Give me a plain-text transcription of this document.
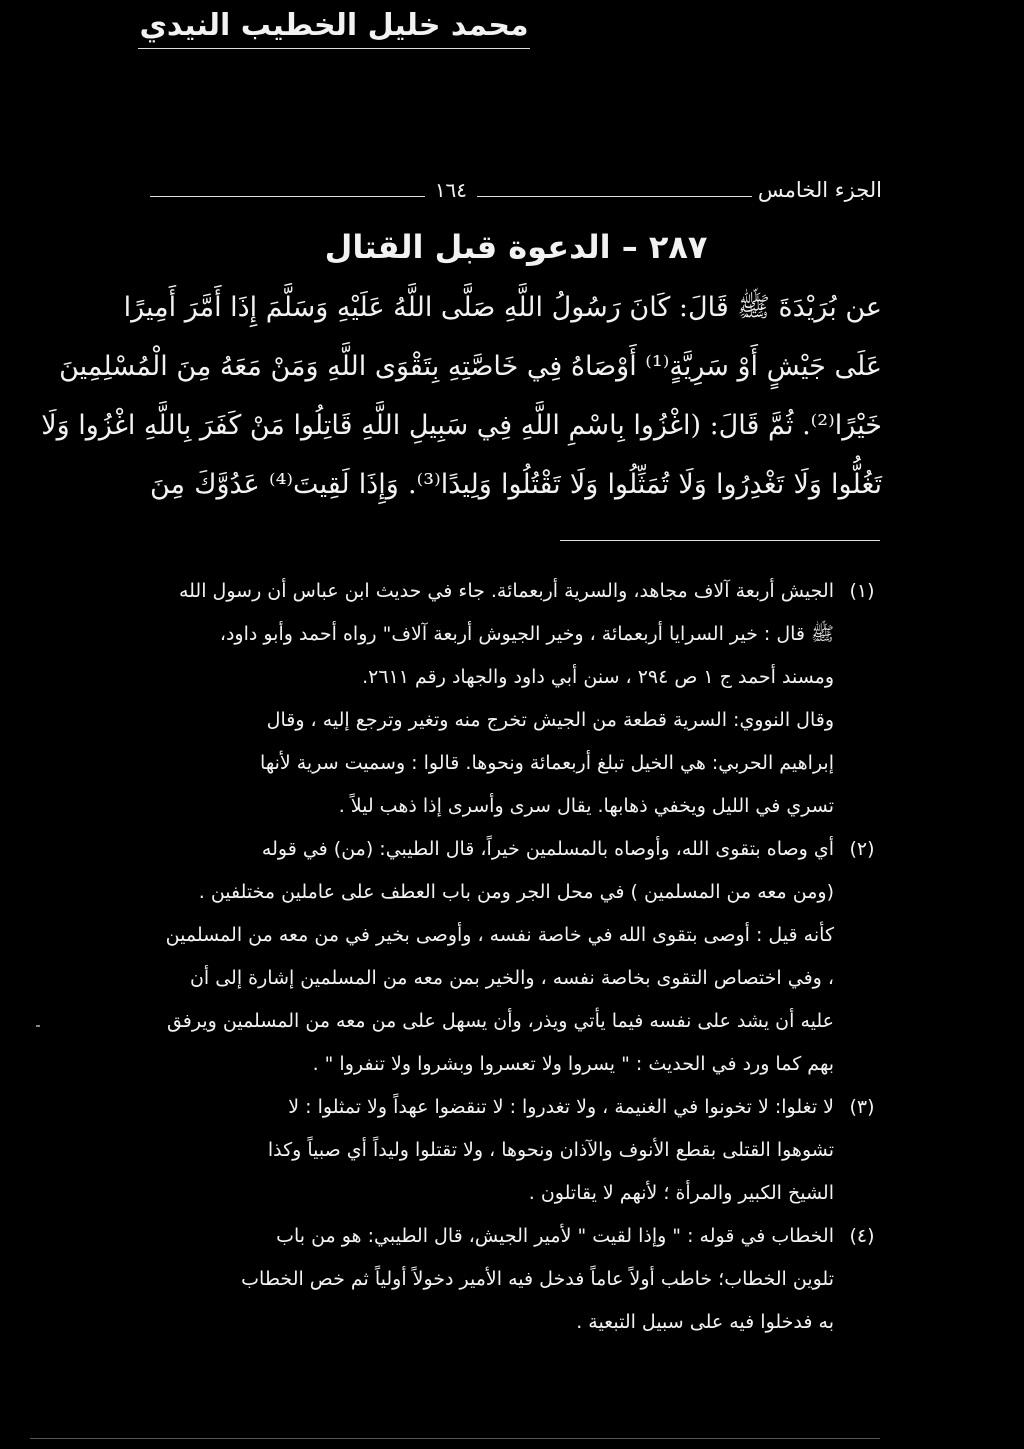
محمد خليل الخطيب النيدي
الجزء الخامس
١٦٤
٢٨٧ – الدعوة قبل القتال
عن بُرَيْدَةَ ﷺ قَالَ: كَانَ رَسُولُ اللَّهِ صَلَّى اللَّهُ عَلَيْهِ وَسَلَّمَ إِذَا أَمَّرَ أَمِيرًا
عَلَى جَيْشٍ أَوْ سَرِيَّةٍ⁽¹⁾ أَوْصَاهُ فِي خَاصَّتِهِ بِتَقْوَى اللَّهِ وَمَنْ مَعَهُ مِنَ الْمُسْلِمِينَ
خَيْرًا⁽²⁾. ثُمَّ قَالَ: (اغْزُوا بِاسْمِ اللَّهِ فِي سَبِيلِ اللَّهِ قَاتِلُوا مَنْ كَفَرَ بِاللَّهِ اغْزُوا وَلَا
تَغُلُّوا وَلَا تَغْدِرُوا وَلَا تُمَثِّلُوا وَلَا تَقْتُلُوا وَلِيدًا⁽³⁾. وَإِذَا لَقِيتَ⁽⁴⁾ عَدُوَّكَ مِنَ
(١)
الجيش أربعة آلاف مجاهد، والسرية أربعمائة. جاء في حديث ابن عباس أن رسول الله
ﷺ قال : خير السرايا أربعمائة ، وخير الجيوش أربعة آلاف" رواه أحمد وأبو داود،
ومسند أحمد ج ١ ص ٢٩٤ ، سنن أبي داود والجهاد رقم ٢٦١١.
وقال النووي: السرية قطعة من الجيش تخرج منه وتغير وترجع إليه ، وقال
إبراهيم الحربي: هي الخيل تبلغ أربعمائة ونحوها. قالوا : وسميت سرية لأنها
تسري في الليل ويخفي ذهابها. يقال سرى وأسرى إذا ذهب ليلاً .
(٢)
أي وصاه بتقوى الله، وأوصاه بالمسلمين خيراً، قال الطيبي: (من) في قوله
(ومن معه من المسلمين ) في محل الجر ومن باب العطف على عاملين مختلفين .
كأنه قيل : أوصى بتقوى الله في خاصة نفسه ، وأوصى بخير في من معه من المسلمين
، وفي اختصاص التقوى بخاصة نفسه ، والخير بمن معه من المسلمين إشارة إلى أن
عليه أن يشد على نفسه فيما يأتي ويذر، وأن يسهل على من معه من المسلمين ويرفق
بهم كما ورد في الحديث : " يسروا ولا تعسروا وبشروا ولا تنفروا " .
(٣)
لا تغلوا: لا تخونوا في الغنيمة ، ولا تغدروا : لا تنقضوا عهداً ولا تمثلوا : لا
تشوهوا القتلى بقطع الأنوف والآذان ونحوها ، ولا تقتلوا وليداً أي صبياً وكذا
الشيخ الكبير والمرأة ؛ لأنهم لا يقاتلون .
(٤)
الخطاب في قوله : " وإذا لقيت " لأمير الجيش، قال الطيبي: هو من باب
تلوين الخطاب؛ خاطب أولاً عاماً فدخل فيه الأمير دخولاً أولياً ثم خص الخطاب
به فدخلوا فيه على سبيل التبعية .
